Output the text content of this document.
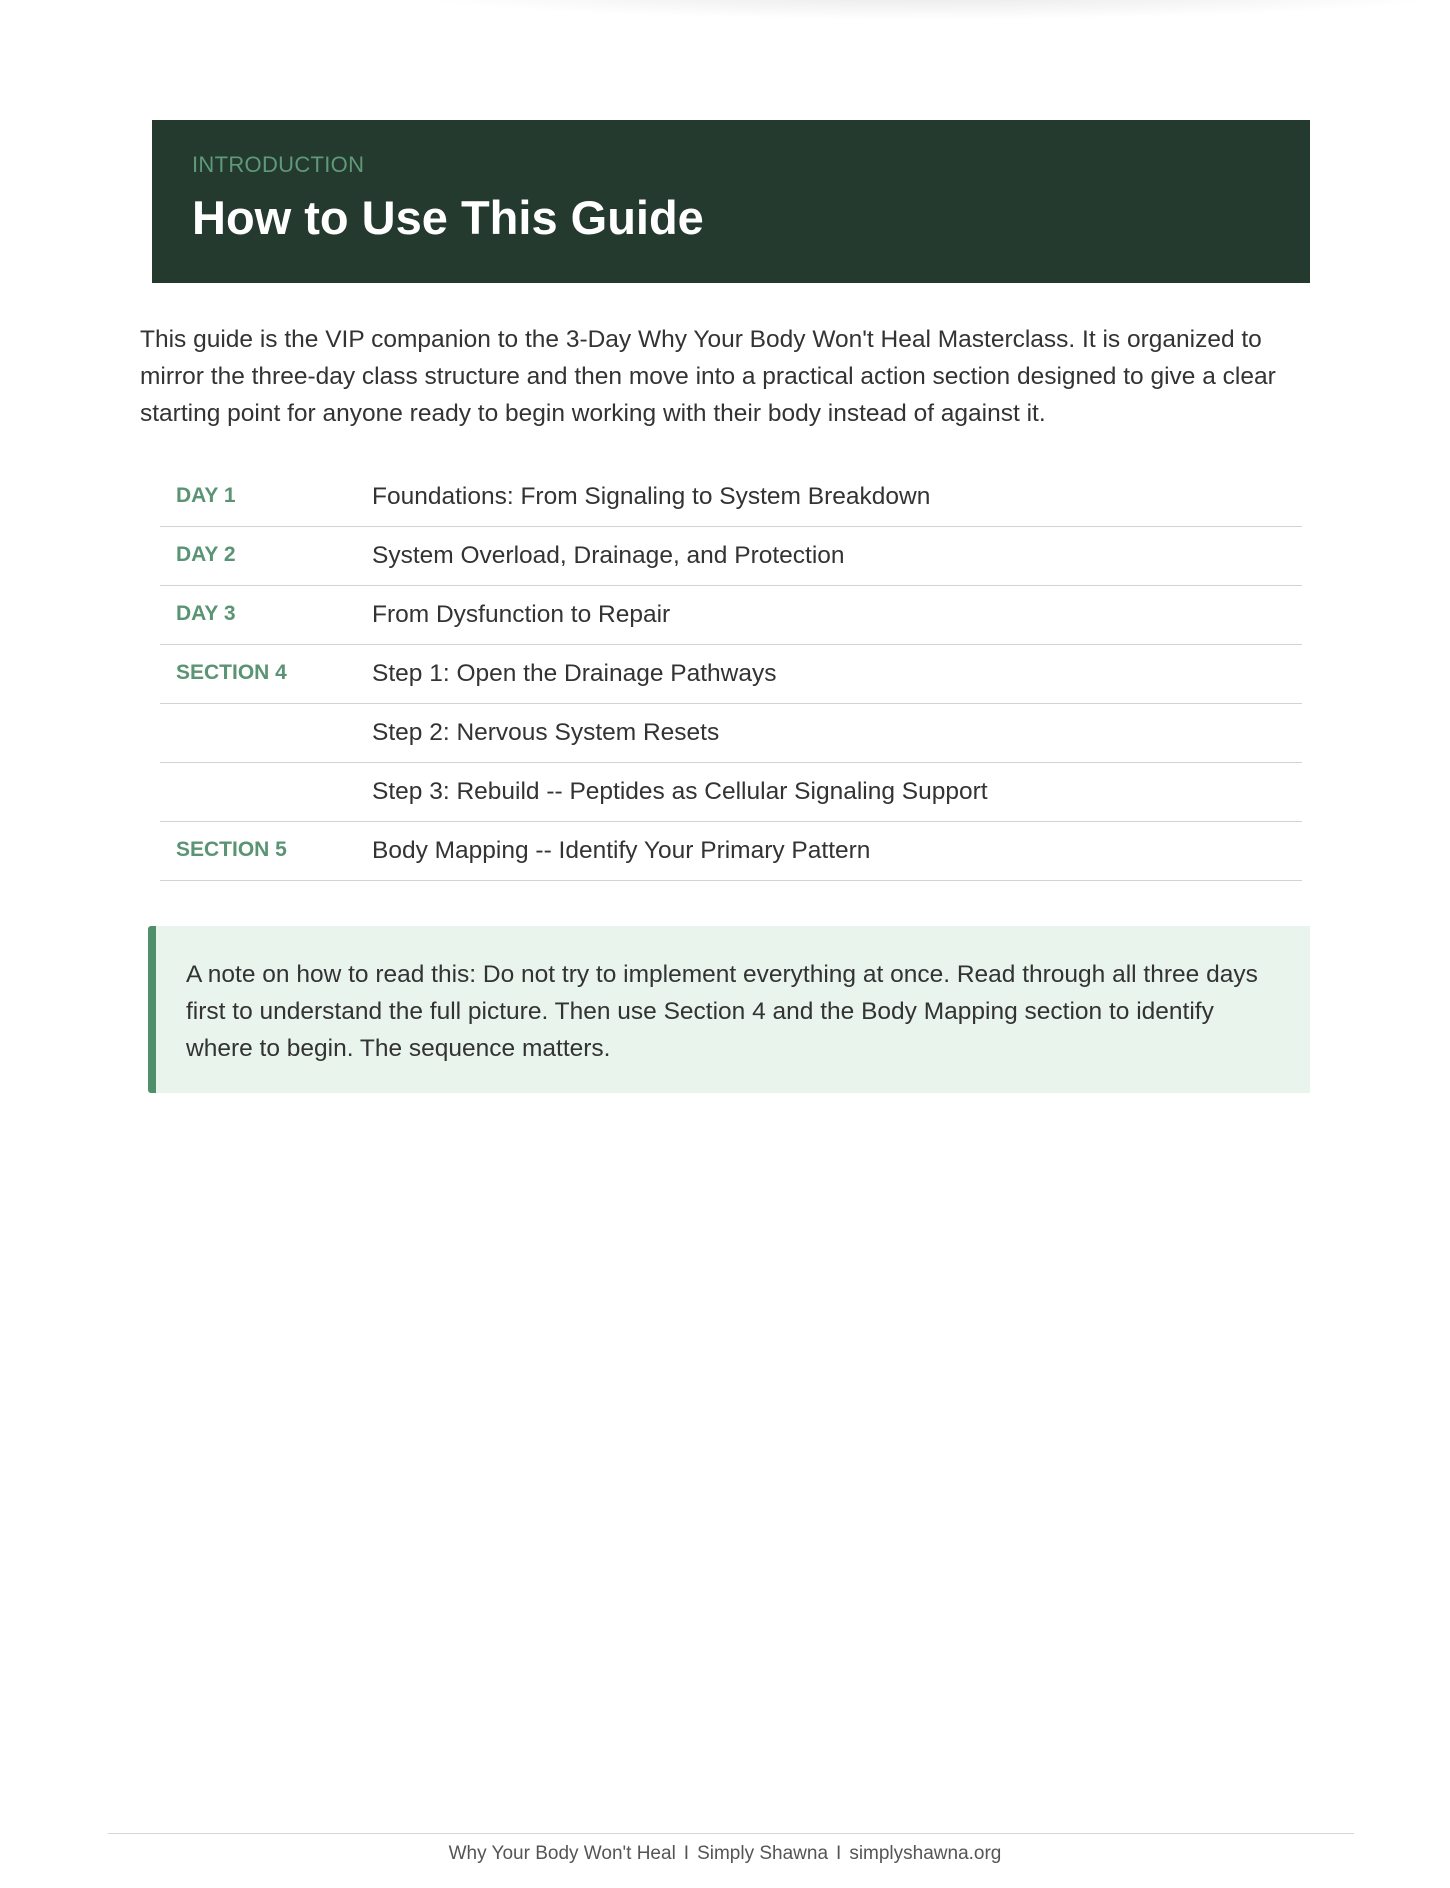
INTRODUCTION
How to Use This Guide

This guide is the VIP companion to the 3-Day Why Your Body Won't Heal Masterclass. It is organized to mirror the three-day class structure and then move into a practical action section designed to give a clear starting point for anyone ready to begin working with their body instead of against it.

DAY 1	Foundations: From Signaling to System Breakdown
DAY 2	System Overload, Drainage, and Protection
DAY 3	From Dysfunction to Repair
SECTION 4	Step 1: Open the Drainage Pathways
Step 2: Nervous System Resets
Step 3: Rebuild -- Peptides as Cellular Signaling Support
SECTION 5	Body Mapping -- Identify Your Primary Pattern
A note on how to read this: Do not try to implement everything at once. Read through all three days first to understand the full picture. Then use Section 4 and the Body Mapping section to identify where to begin. The sequence matters.
Why Your Body Won't Heal I Simply Shawna I simplyshawna.org
